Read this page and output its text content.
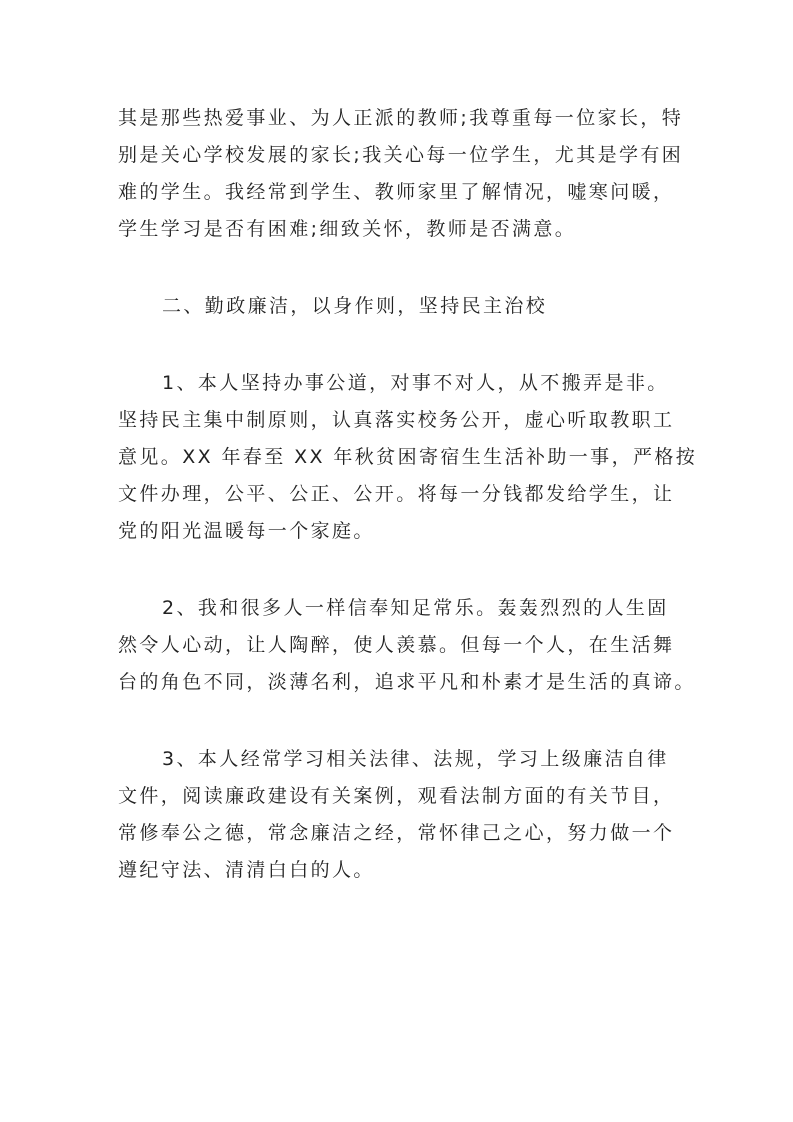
其是那些热爱事业、为人正派的教师;我尊重每一位家长，特
别是关心学校发展的家长;我关心每一位学生，尤其是学有困
难的学生。我经常到学生、教师家里了解情况，嘘寒问暖，
学生学习是否有困难;细致关怀，教师是否满意。
二、勤政廉洁，以身作则，坚持民主治校
1、本人坚持办事公道，对事不对人，从不搬弄是非。
坚持民主集中制原则，认真落实校务公开，虚心听取教职工
意见。XX 年春至 XX 年秋贫困寄宿生生活补助一事，严格按
文件办理，公平、公正、公开。将每一分钱都发给学生，让
党的阳光温暖每一个家庭。
2、我和很多人一样信奉知足常乐。轰轰烈烈的人生固
然令人心动，让人陶醉，使人羡慕。但每一个人，在生活舞
台的角色不同，淡薄名利，追求平凡和朴素才是生活的真谛。
3、本人经常学习相关法律、法规，学习上级廉洁自律
文件，阅读廉政建设有关案例，观看法制方面的有关节目，
常修奉公之德，常念廉洁之经，常怀律己之心，努力做一个
遵纪守法、清清白白的人。
